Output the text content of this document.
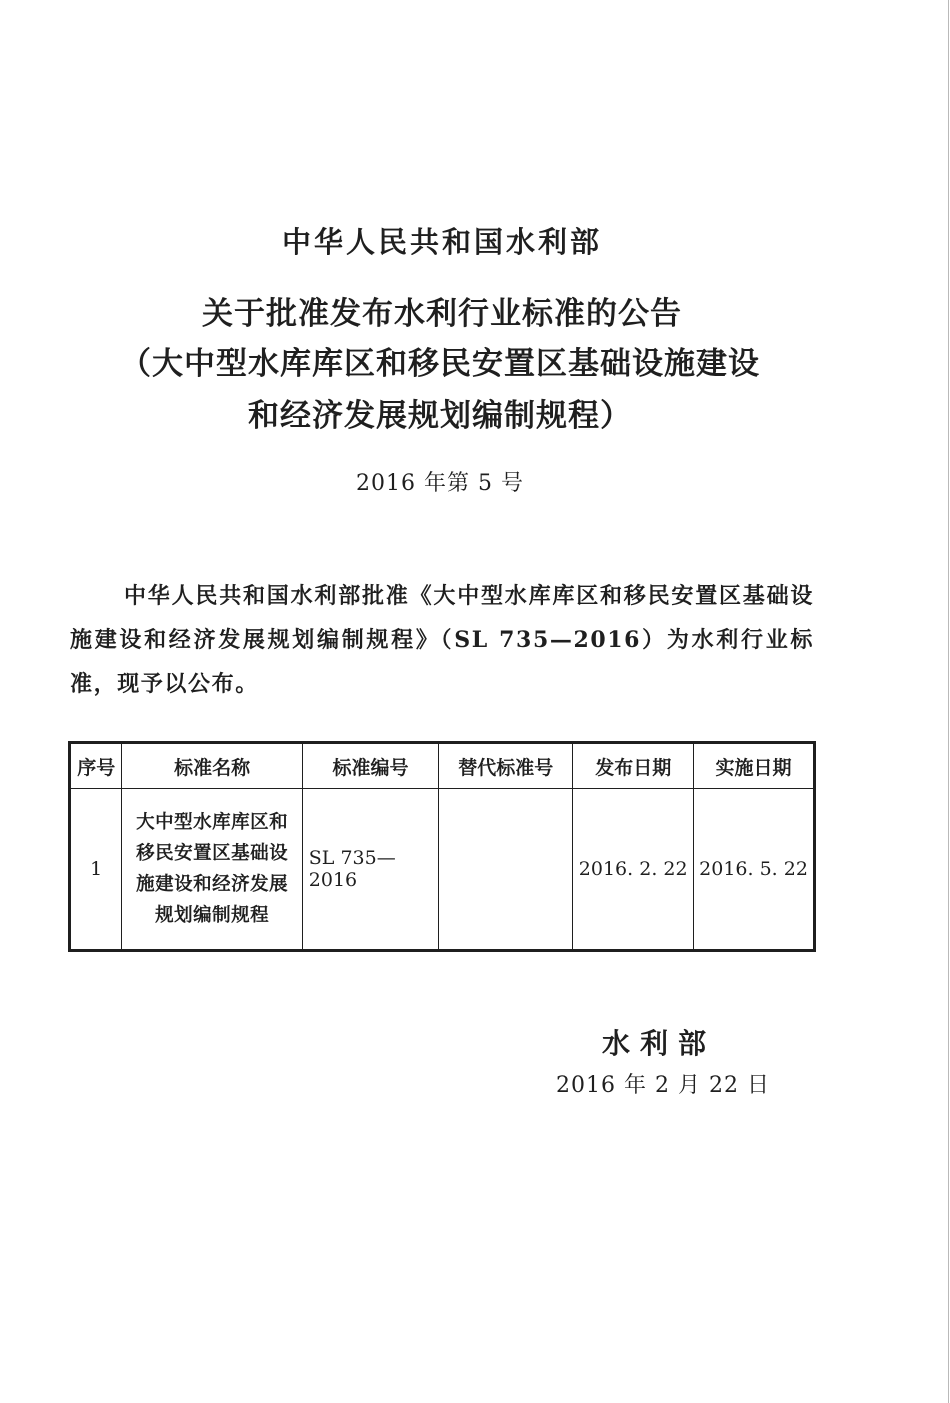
中华人民共和国水利部
关于批准发布水利行业标准的公告
（大中型水库库区和移民安置区基础设施建设
和经济发展规划编制规程）
2016 年第 5 号

中华人民共和国水利部批准《大中型水库库区和移民安置区基础设施建设和经济发展规划编制规程》（SL 735—2016）为水利行业标准，现予以公布。

序号	标准名称	标准编号	替代标准号	发布日期	实施日期
1	大中型水库库区和
移民安置区基础设
施建设和经济发展
规划编制规程	SL 735—2016		2016. 2. 22	2016. 5. 22
水利部
2016 年 2 月 22 日
